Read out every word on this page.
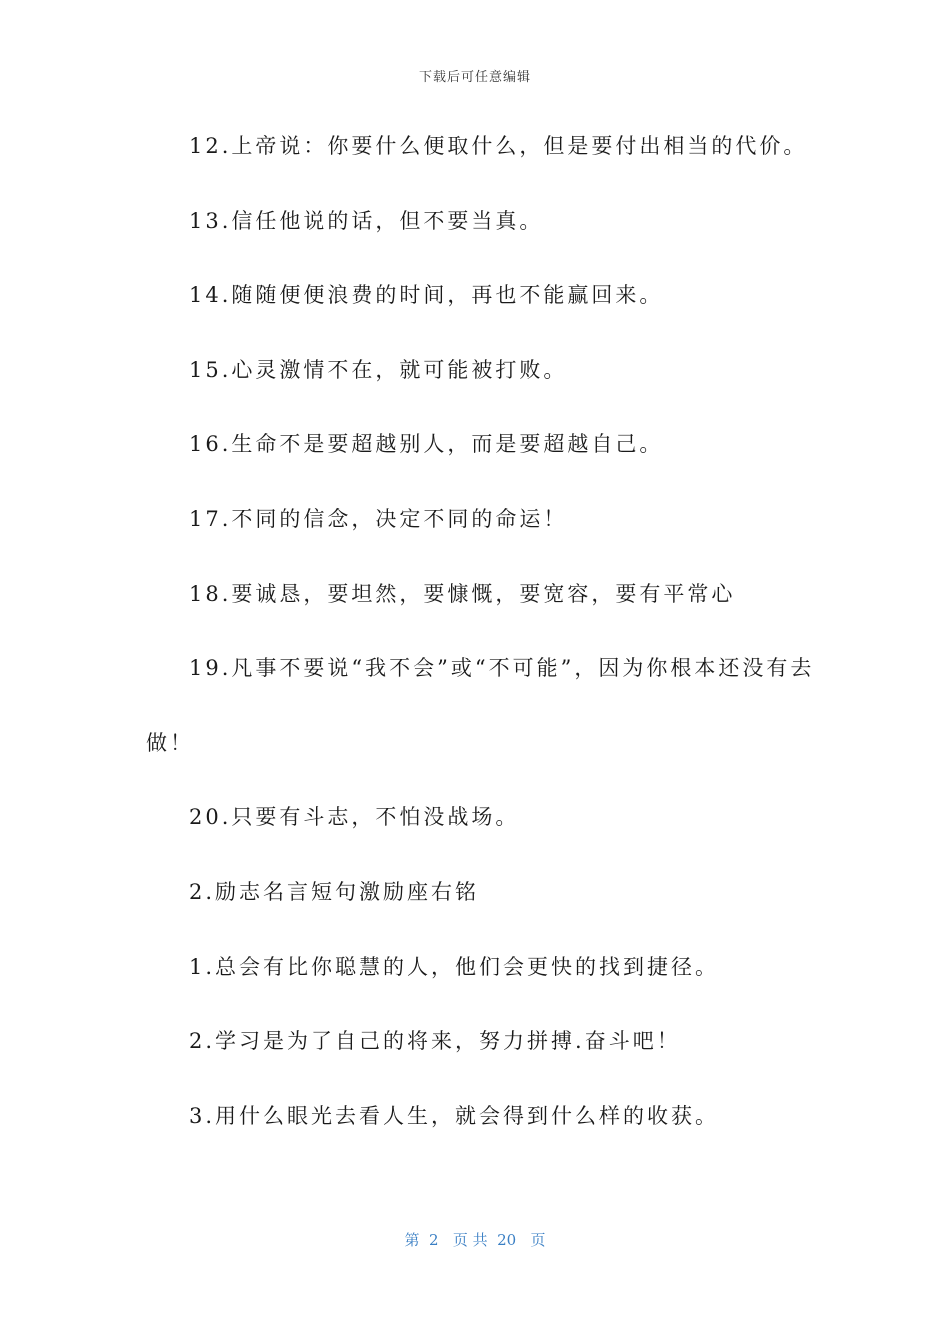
下载后可任意编辑
12.上帝说：你要什么便取什么，但是要付出相当的代价。
13.信任他说的话，但不要当真。
14.随随便便浪费的时间，再也不能赢回来。
15.心灵激情不在，就可能被打败。
16.生命不是要超越别人，而是要超越自己。
17.不同的信念，决定不同的命运！
18.要诚恳，要坦然，要慷慨，要宽容，要有平常心
19.凡事不要说“我不会”或“不可能”，因为你根本还没有去
做！
20.只要有斗志，不怕没战场。
2.励志名言短句激励座右铭
1.总会有比你聪慧的人，他们会更快的找到捷径。
2.学习是为了自己的将来，努力拼搏.奋斗吧！
3.用什么眼光去看人生，就会得到什么样的收获。
第  2   页 共  20   页
